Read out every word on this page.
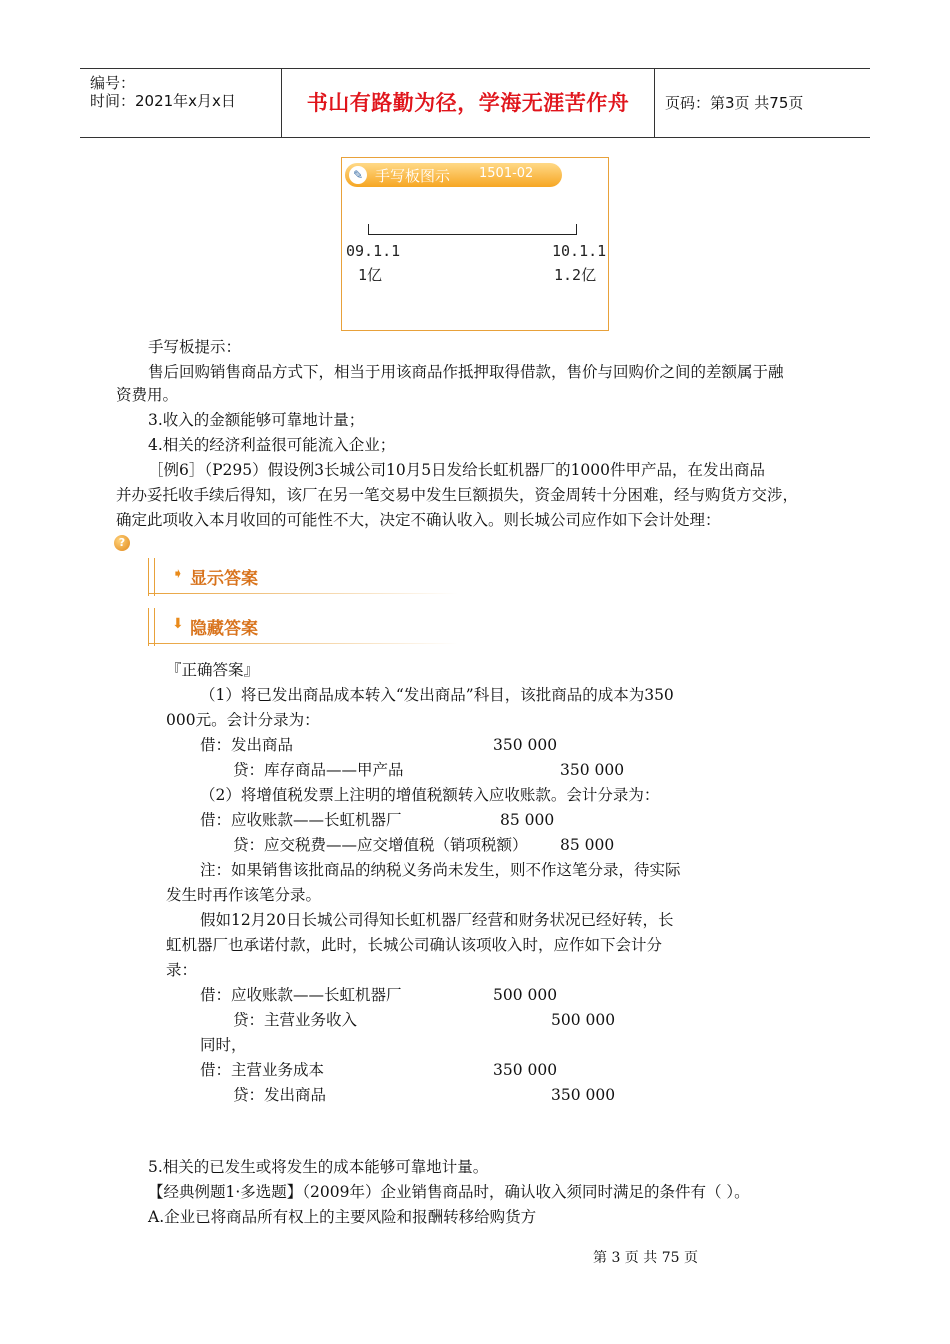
编号：
时间：2021年x月x日	书山有路勤为径，学海无涯苦作舟	页码：第3页 共75页
✎ 手写板图示 1501-02
09.1.1	10.1.1
1亿	1.2亿
手写板提示：
售后回购销售商品方式下，相当于用该商品作抵押取得借款，售价与回购价之间的差额属于融
资费用。
3.收入的金额能够可靠地计量；
4.相关的经济利益很可能流入企业；
［例6］（P295）假设例3长城公司10月5日发给长虹机器厂的1000件甲产品，在发出商品
并办妥托收手续后得知，该厂在另一笔交易中发生巨额损失，资金周转十分困难，经与购货方交涉，
确定此项收入本月收回的可能性不大，决定不确认收入。则长城公司应作如下会计处理：
?
➧ 显示答案
⬇ 隐藏答案
『正确答案』
（1）将已发出商品成本转入“发出商品”科目，该批商品的成本为350
000元。会计分录为：
借：发出商品	350 000
贷：库存商品——甲产品	350 000
（2）将增值税发票上注明的增值税额转入应收账款。会计分录为：
借：应收账款——长虹机器厂	85 000
贷：应交税费——应交增值税（销项税额） 85 000
注：如果销售该批商品的纳税义务尚未发生，则不作这笔分录，待实际
发生时再作该笔分录。
假如12月20日长城公司得知长虹机器厂经营和财务状况已经好转，长
虹机器厂也承诺付款，此时，长城公司确认该项收入时，应作如下会计分
录：
借：应收账款——长虹机器厂	500 000
贷：主营业务收入	500 000
同时，
借：主营业务成本	350 000
贷：发出商品	350 000
5.相关的已发生或将发生的成本能够可靠地计量。
【经典例题1·多选题】（2009年）企业销售商品时，确认收入须同时满足的条件有（ ）。
A.企业已将商品所有权上的主要风险和报酬转移给购货方
第 3 页 共 75 页
